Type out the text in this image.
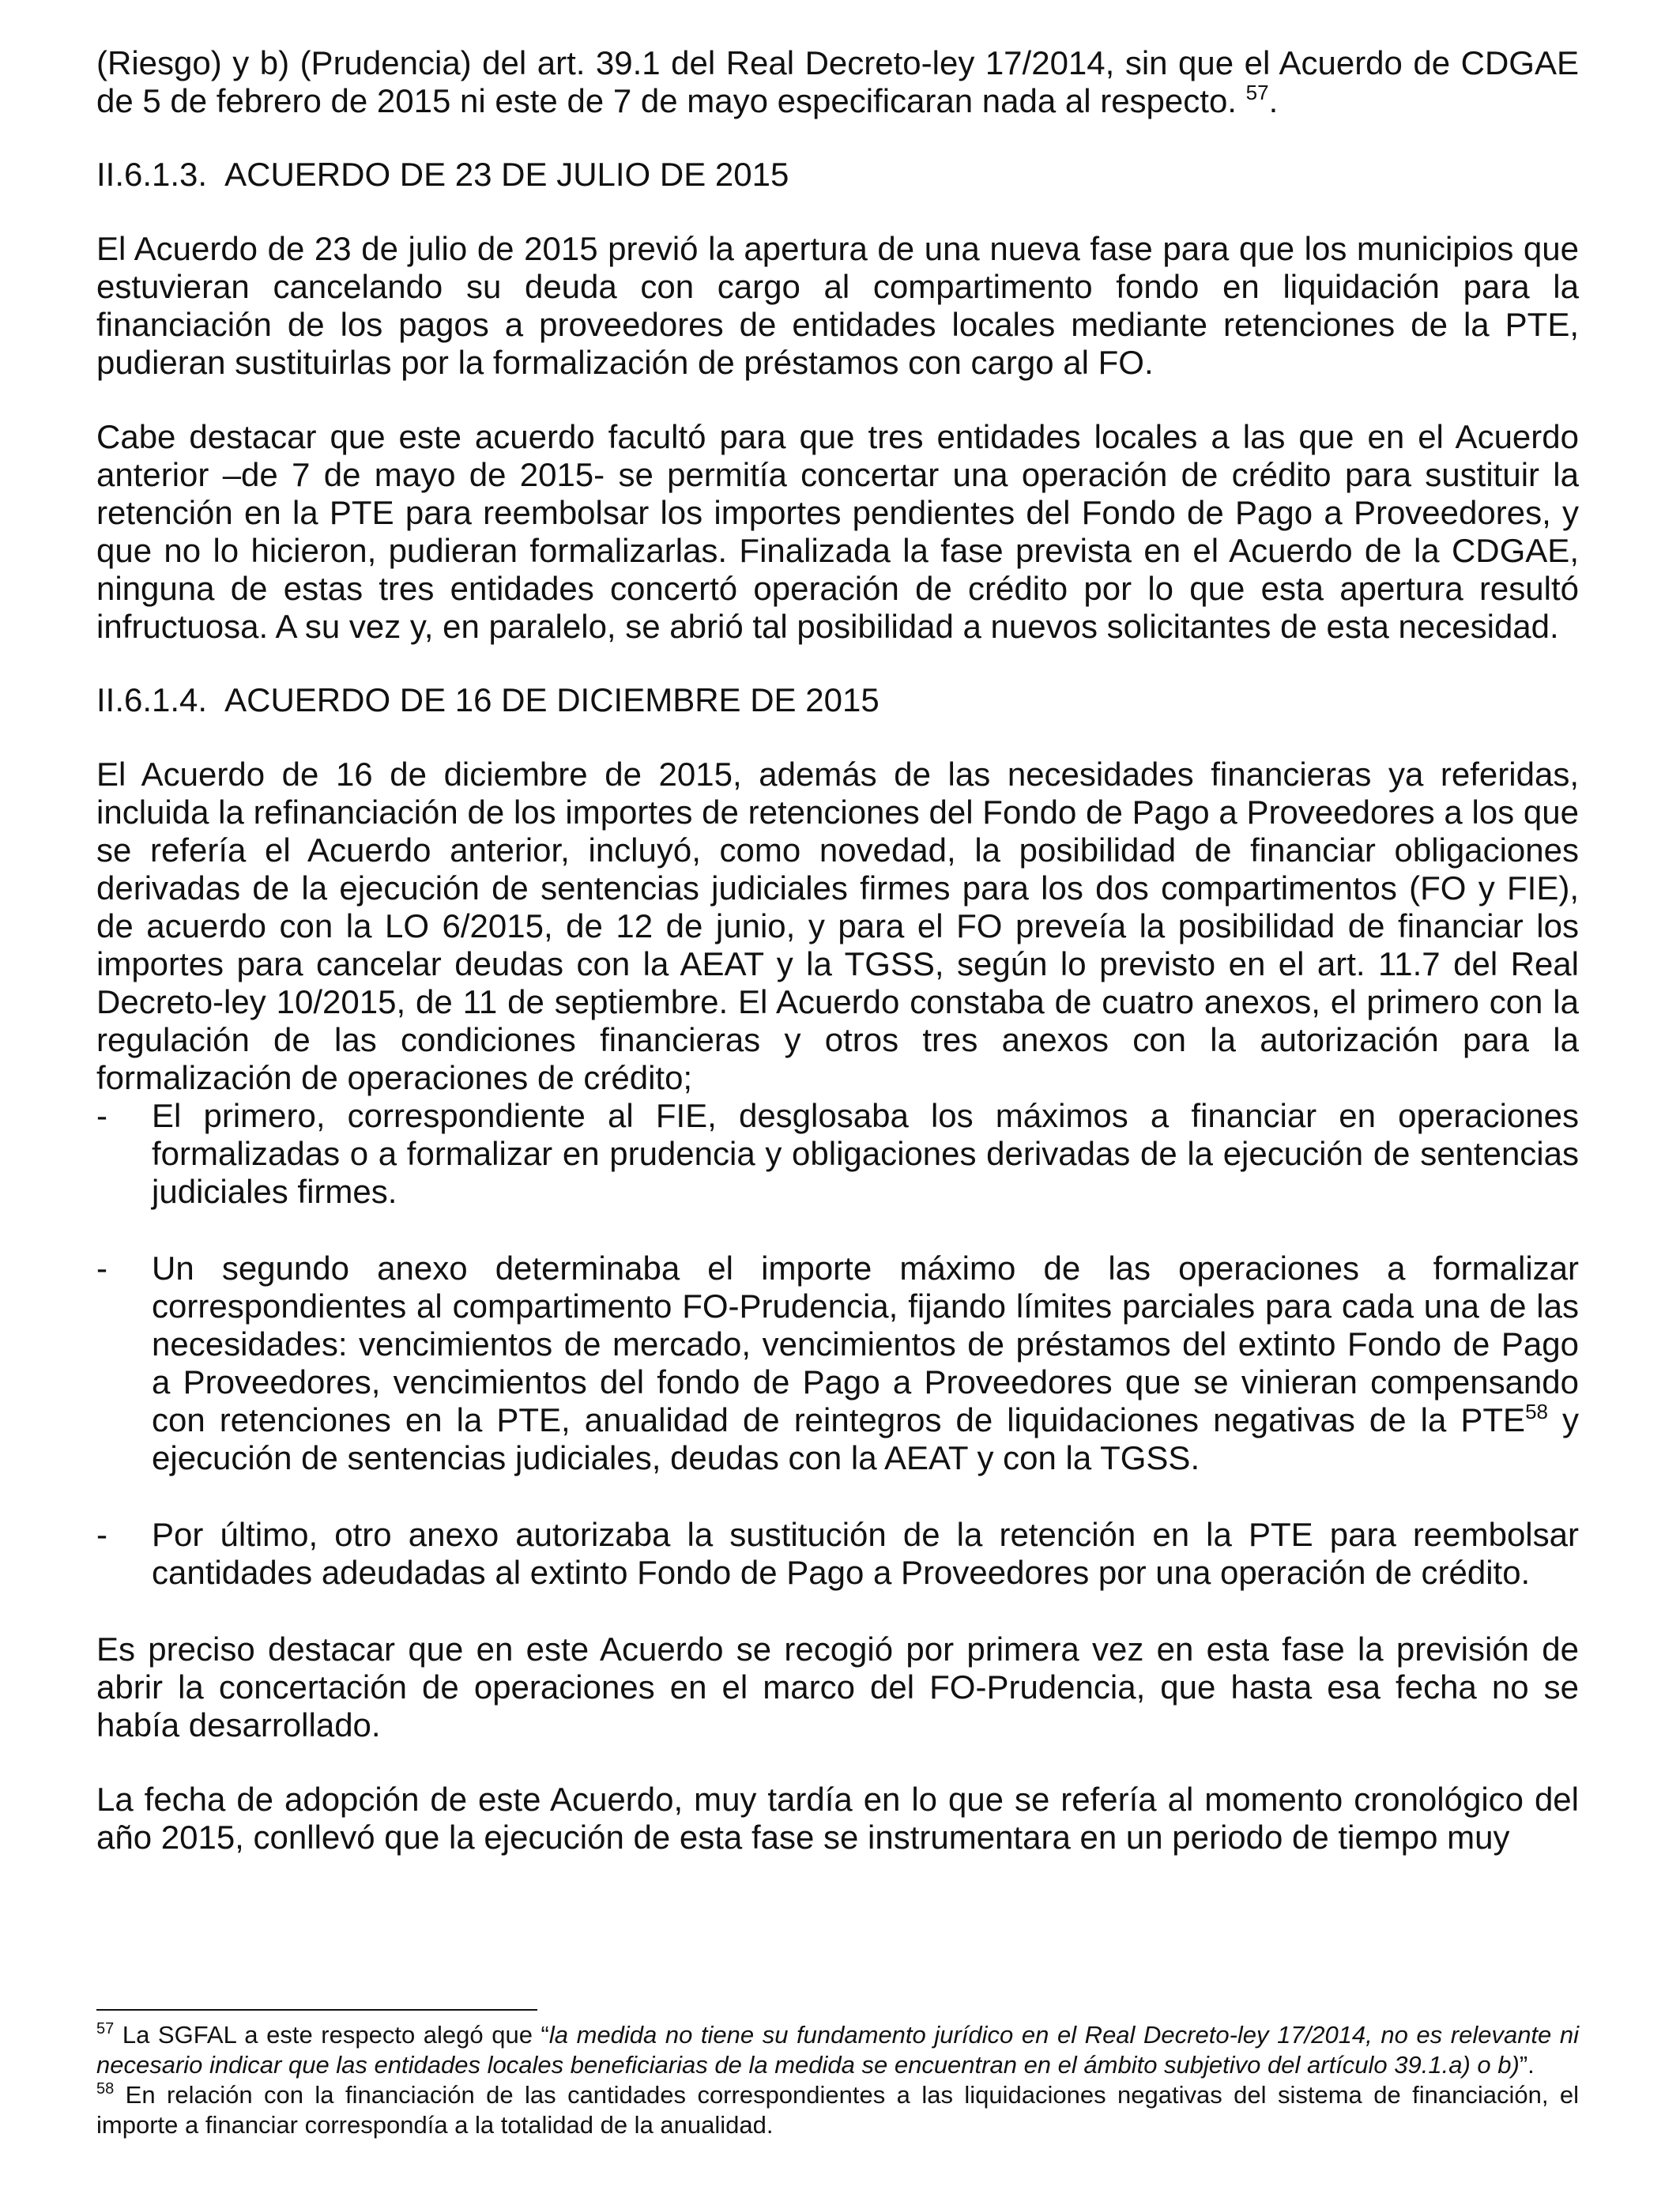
(Riesgo) y b) (Prudencia) del art. 39.1 del Real Decreto-ley 17/2014, sin que el Acuerdo de CDGAE de 5 de febrero de 2015 ni este de 7 de mayo especificaran nada al respecto. $^{57}$.

II.6.1.3. ACUERDO DE 23 DE JULIO DE 2015

El Acuerdo de 23 de julio de 2015 previó la apertura de una nueva fase para que los municipios que estuvieran cancelando su deuda con cargo al compartimento fondo en liquidación para la financiación de los pagos a proveedores de entidades locales mediante retenciones de la PTE, pudieran sustituirlas por la formalización de préstamos con cargo al FO.

Cabe destacar que este acuerdo facultó para que tres entidades locales a las que en el Acuerdo anterior –de 7 de mayo de 2015- se permitía concertar una operación de crédito para sustituir la retención en la PTE para reembolsar los importes pendientes del Fondo de Pago a Proveedores, y que no lo hicieron, pudieran formalizarlas. Finalizada la fase prevista en el Acuerdo de la CDGAE, ninguna de estas tres entidades concertó operación de crédito por lo que esta apertura resultó infructuosa. A su vez y, en paralelo, se abrió tal posibilidad a nuevos solicitantes de esta necesidad.

II.6.1.4. ACUERDO DE 16 DE DICIEMBRE DE 2015

El Acuerdo de 16 de diciembre de 2015, además de las necesidades financieras ya referidas, incluida la refinanciación de los importes de retenciones del Fondo de Pago a Proveedores a los que se refería el Acuerdo anterior, incluyó, como novedad, la posibilidad de financiar obligaciones derivadas de la ejecución de sentencias judiciales firmes para los dos compartimentos (FO y FIE), de acuerdo con la LO 6/2015, de 12 de junio, y para el FO preveía la posibilidad de financiar los importes para cancelar deudas con la AEAT y la TGSS, según lo previsto en el art. 11.7 del Real Decreto-ley 10/2015, de 11 de septiembre. El Acuerdo constaba de cuatro anexos, el primero con la regulación de las condiciones financieras y otros tres anexos con la autorización para la formalización de operaciones de crédito;

- El primero, correspondiente al FIE, desglosaba los máximos a financiar en operaciones formalizadas o a formalizar en prudencia y obligaciones derivadas de la ejecución de sentencias judiciales firmes.
- Un segundo anexo determinaba el importe máximo de las operaciones a formalizar correspondientes al compartimento FO-Prudencia, fijando límites parciales para cada una de las necesidades: vencimientos de mercado, vencimientos de préstamos del extinto Fondo de Pago a Proveedores, vencimientos del fondo de Pago a Proveedores que se vinieran compensando con retenciones en la PTE, anualidad de reintegros de liquidaciones negativas de la PTE$^{58}$ y ejecución de sentencias judiciales, deudas con la AEAT y con la TGSS.
- Por último, otro anexo autorizaba la sustitución de la retención en la PTE para reembolsar cantidades adeudadas al extinto Fondo de Pago a Proveedores por una operación de crédito.

Es preciso destacar que en este Acuerdo se recogió por primera vez en esta fase la previsión de abrir la concertación de operaciones en el marco del FO-Prudencia, que hasta esa fecha no se había desarrollado.

La fecha de adopción de este Acuerdo, muy tardía en lo que se refería al momento cronológico del año 2015, conllevó que la ejecución de esta fase se instrumentara en un periodo de tiempo muy

$^{57}$ La SGFAL a este respecto alegó que “la medida no tiene su fundamento jurídico en el Real Decreto-ley 17/2014, no es relevante ni necesario indicar que las entidades locales beneficiarias de la medida se encuentran en el ámbito subjetivo del artículo 39.1.a) o b)”.
$^{58}$ En relación con la financiación de las cantidades correspondientes a las liquidaciones negativas del sistema de financiación, el importe a financiar correspondía a la totalidad de la anualidad.
